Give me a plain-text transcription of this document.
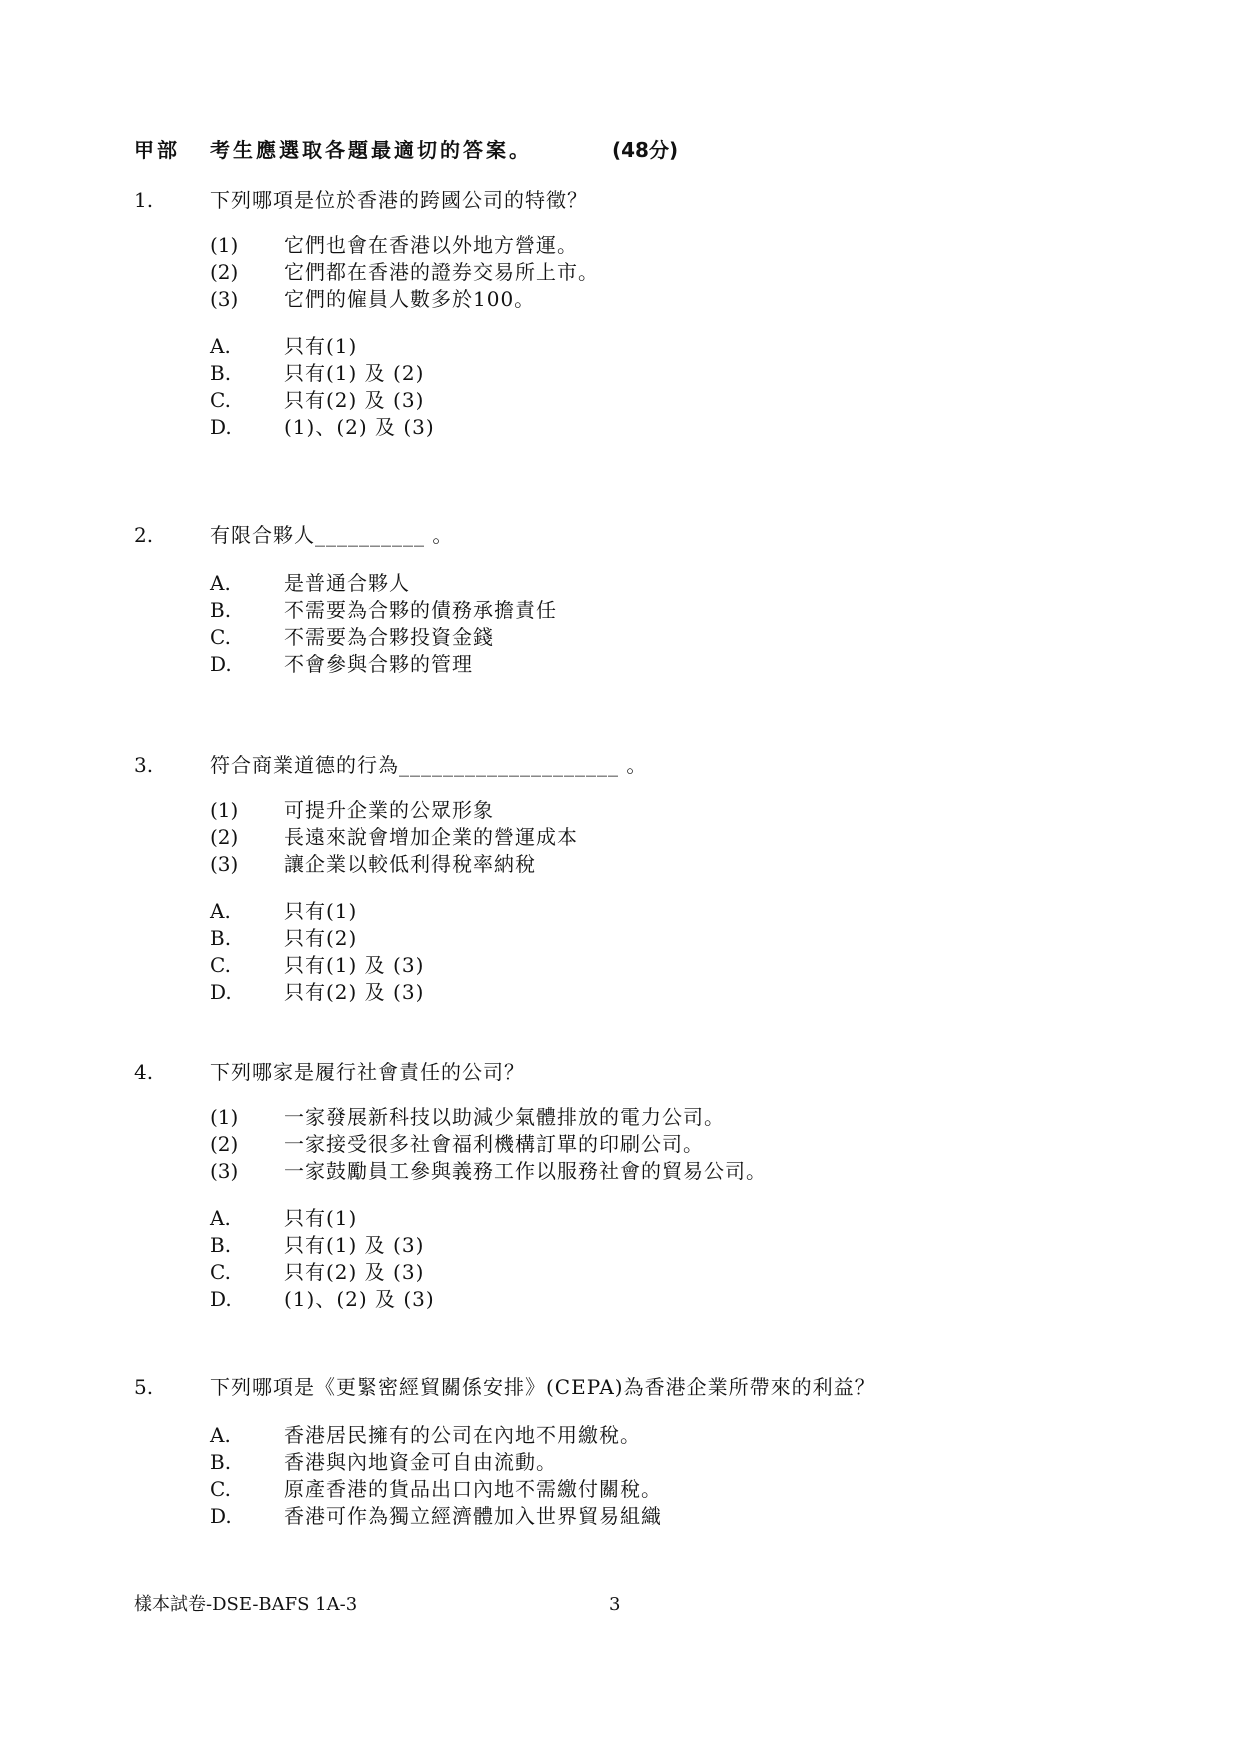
甲部 考生應選取各題最適切的答案。	(48分)
1.	下列哪項是位於香港的跨國公司的特徵？
(1) 它們也會在香港以外地方營運。
(2) 它們都在香港的證券交易所上市。
(3) 它們的僱員人數多於100。
A.	只有(1)
B.	只有(1) 及 (2)
C.	只有(2) 及 (3)
D.	(1)、(2) 及 (3)
2.	有限合夥人__________ 。
A.	是普通合夥人
B.	不需要為合夥的債務承擔責任
C.	不需要為合夥投資金錢
D.	不會參與合夥的管理
3.	符合商業道德的行為____________________ 。
(1) 可提升企業的公眾形象
(2) 長遠來說會增加企業的營運成本
(3) 讓企業以較低利得稅率納稅
A.	只有(1)
B.	只有(2)
C.	只有(1) 及 (3)
D.	只有(2) 及 (3)
4.	下列哪家是履行社會責任的公司？
(1) 一家發展新科技以助減少氣體排放的電力公司。
(2) 一家接受很多社會福利機構訂單的印刷公司。
(3) 一家鼓勵員工參與義務工作以服務社會的貿易公司。
A.	只有(1)
B.	只有(1) 及 (3)
C.	只有(2) 及 (3)
D.	(1)、(2) 及 (3)
5.	下列哪項是《更緊密經貿關係安排》(CEPA)為香港企業所帶來的利益？
A.	香港居民擁有的公司在內地不用繳稅。
B.	香港與內地資金可自由流動。
C.	原產香港的貨品出口內地不需繳付關稅。
D.	香港可作為獨立經濟體加入世界貿易組織
樣本試卷-DSE-BAFS 1A-3	3
